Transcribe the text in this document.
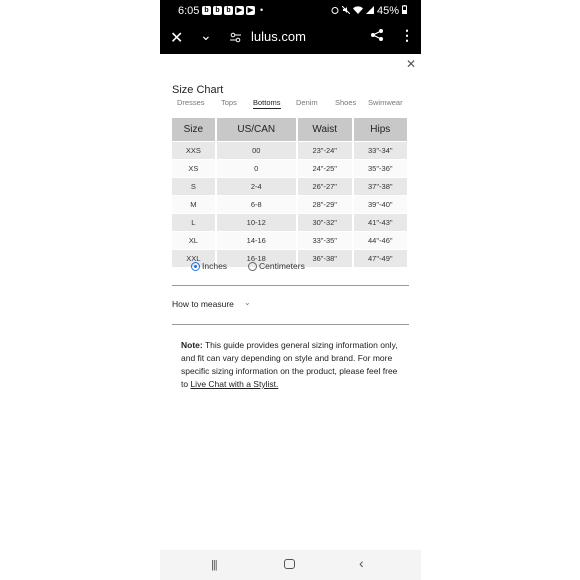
6:05 b b b ▶ ▶ •	45%
✕ ⌄	lulus.com	⋮
✕
Size Chart
Dresses Tops Bottoms Denim Shoes Swimwear
Size	US/CAN	Waist	Hips
XXS	00	23"-24"	33"-34"
XS	0	24"-25"	35"-36"
S	2-4	26"-27"	37"-38"
M	6-8	28"-29"	39"-40"
L	10-12	30"-32"	41"-43"
XL	14-16	33"-35"	44"-46"
XXL	16-18	36"-38"	47"-49"
Inches	Centimeters
How to measure ⌄
Note: This guide provides general sizing information only, and fit can vary depending on style and brand. For more specific sizing information on the product, please feel free to Live Chat with a Stylist.
|||	‹
